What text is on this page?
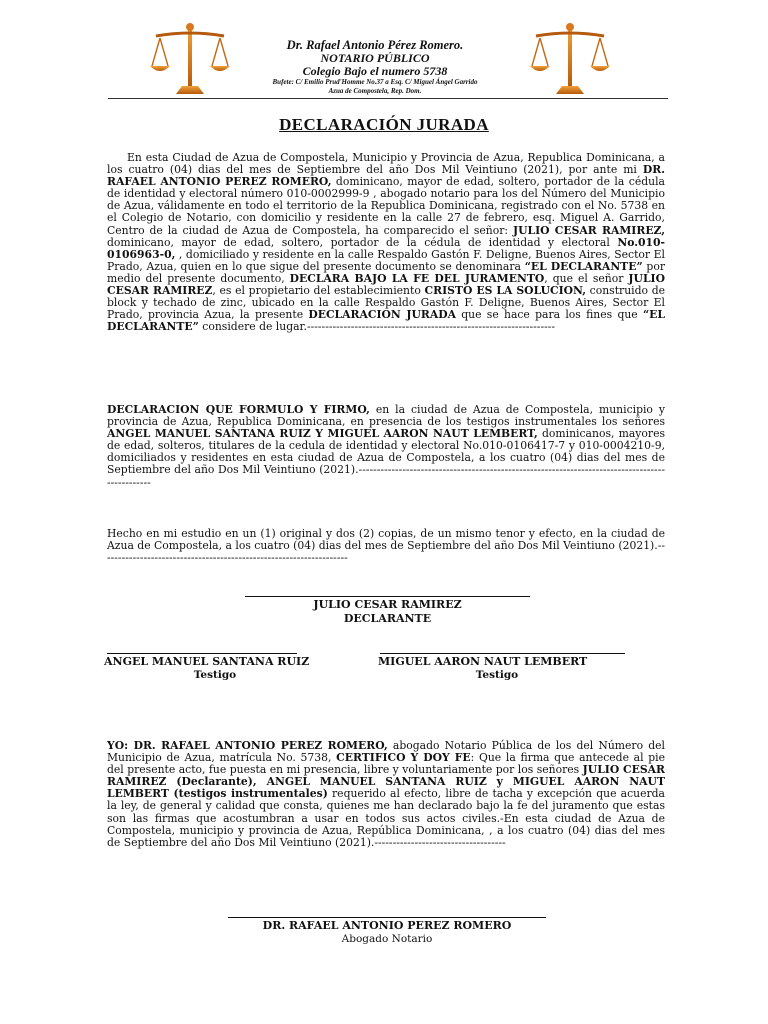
Dr. Rafael Antonio Pérez Romero.
NOTARIO PÚBLICO
Colegio Bajo el numero 5738
Bufete: C/ Emilio Prud'Homme No.37 a Esq. C/ Miguel Ángel Garrido
Azua de Compostela, Rep. Dom.
DECLARACIÓN JURADA
En esta Ciudad de Azua de Compostela, Municipio y Provincia de Azua, Republica Dominicana, a los cuatro (04) dias del mes de Septiembre del año Dos Mil Veintiuno (2021), por ante mi DR. RAFAEL ANTONIO PEREZ ROMERO, dominicano, mayor de edad, soltero, portador de la cédula de identidad y electoral número 010-0002999-9 , abogado notario para los del Número del Municipio de Azua, válidamente en todo el territorio de la Republica Dominicana, registrado con el No. 5738 en el Colegio de Notario, con domicilio y residente en la calle 27 de febrero, esq. Miguel A. Garrido, Centro de la ciudad de Azua de Compostela, ha comparecido el señor: JULIO CESAR RAMIREZ, dominicano, mayor de edad, soltero, portador de la cédula de identidad y electoral No.010-0106963-0, , domiciliado y residente en la calle Respaldo Gastón F. Deligne, Buenos Aires, Sector El Prado, Azua, quien en lo que sigue del presente documento se denominara “EL DECLARANTE” por medio del presente documento, DECLARA BAJO LA FE DEL JURAMENTO, que el señor JULIO CESAR RAMIREZ, es el propietario del establecimiento CRISTO ES LA SOLUCION, construido de block y techado de zinc, ubicado en la calle Respaldo Gastón F. Deligne, Buenos Aires, Sector El Prado, provincia Azua, la presente DECLARACION JURADA que se hace para los fines que “EL DECLARANTE” considere de lugar.--------------------------------------------------------------------
DECLARACION QUE FORMULO Y FIRMO, en la ciudad de Azua de Compostela, municipio y provincia de Azua, Republica Dominicana, en presencia de los testigos instrumentales los señores ANGEL MANUEL SANTANA RUIZ Y MIGUEL AARON NAUT LEMBERT, dominicanos, mayores de edad, solteros, titulares de la cedula de identidad y electoral No.010-0106417-7 y 010-0004210-9, domiciliados y residentes en esta ciudad de Azua de Compostela, a los cuatro (04) dias del mes de Septiembre del año Dos Mil Veintiuno (2021).------------------------------------------------------------------------------------------------
Hecho en mi estudio en un (1) original y dos (2) copias, de un mismo tenor y efecto, en la ciudad de Azua de Compostela, a los cuatro (04) dias del mes de Septiembre del año Dos Mil Veintiuno (2021).--------------------------------------------------------------------
JULIO CESAR RAMIREZ
DECLARANTE
ANGEL MANUEL SANTANA RUIZ
Testigo
MIGUEL AARON NAUT LEMBERT
Testigo
YO: DR. RAFAEL ANTONIO PEREZ ROMERO, abogado Notario Pública de los del Número del Municipio de Azua, matrícula No. 5738, CERTIFICO Y DOY FE: Que la firma que antecede al pie del presente acto, fue puesta en mi presencia, libre y voluntariamente por los señores JULIO CESAR RAMIREZ (Declarante), ANGEL MANUEL SANTANA RUIZ y MIGUEL AARON NAUT LEMBERT (testigos instrumentales) requerido al efecto, libre de tacha y excepción que acuerda la ley, de general y calidad que consta, quienes me han declarado bajo la fe del juramento que estas son las firmas que acostumbran a usar en todos sus actos civiles.-En esta ciudad de Azua de Compostela, municipio y provincia de Azua, República Dominicana, , a los cuatro (04) dias del mes de Septiembre del año Dos Mil Veintiuno (2021).------------------------------------
DR. RAFAEL ANTONIO PEREZ ROMERO
Abogado Notario
